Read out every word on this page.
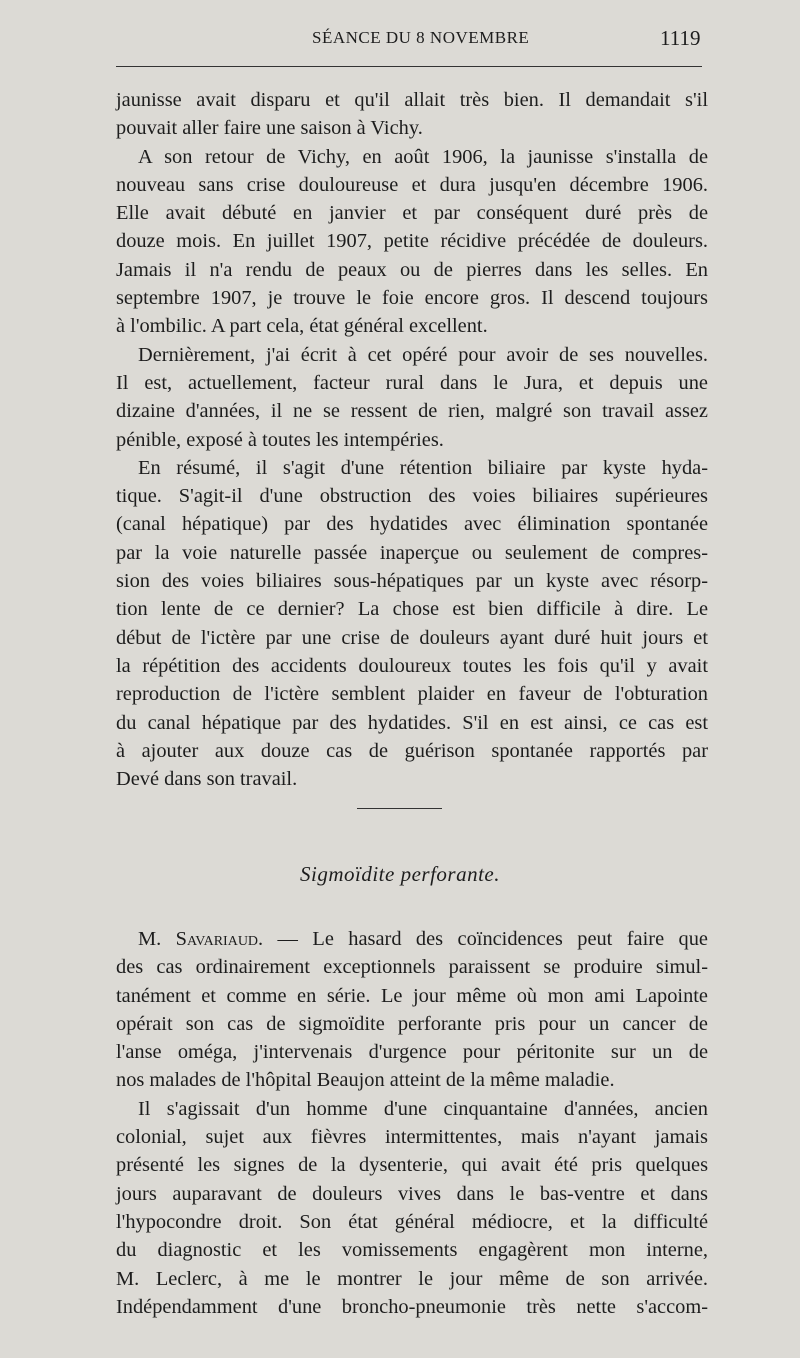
SÉANCE DU 8 NOVEMBRE	1119
jaunisse avait disparu et qu'il allait très bien. Il demandait s'il
pouvait aller faire une saison à Vichy.
A son retour de Vichy, en août 1906, la jaunisse s'installa de
nouveau sans crise douloureuse et dura jusqu'en décembre 1906.
Elle avait débuté en janvier et par conséquent duré près de
douze mois. En juillet 1907, petite récidive précédée de douleurs.
Jamais il n'a rendu de peaux ou de pierres dans les selles. En
septembre 1907, je trouve le foie encore gros. Il descend toujours
à l'ombilic. A part cela, état général excellent.
Dernièrement, j'ai écrit à cet opéré pour avoir de ses nouvelles.
Il est, actuellement, facteur rural dans le Jura, et depuis une
dizaine d'années, il ne se ressent de rien, malgré son travail assez
pénible, exposé à toutes les intempéries.
En résumé, il s'agit d'une rétention biliaire par kyste hyda-
tique. S'agit-il d'une obstruction des voies biliaires supérieures
(canal hépatique) par des hydatides avec élimination spontanée
par la voie naturelle passée inaperçue ou seulement de compres-
sion des voies biliaires sous-hépatiques par un kyste avec résorp-
tion lente de ce dernier? La chose est bien difficile à dire. Le
début de l'ictère par une crise de douleurs ayant duré huit jours et
la répétition des accidents douloureux toutes les fois qu'il y avait
reproduction de l'ictère semblent plaider en faveur de l'obturation
du canal hépatique par des hydatides. S'il en est ainsi, ce cas est
à ajouter aux douze cas de guérison spontanée rapportés par
Devé dans son travail.
Sigmoïdite perforante.
M. Savariaud. — Le hasard des coïncidences peut faire que
des cas ordinairement exceptionnels paraissent se produire simul-
tanément et comme en série. Le jour même où mon ami Lapointe
opérait son cas de sigmoïdite perforante pris pour un cancer de
l'anse oméga, j'intervenais d'urgence pour péritonite sur un de
nos malades de l'hôpital Beaujon atteint de la même maladie.
Il s'agissait d'un homme d'une cinquantaine d'années, ancien
colonial, sujet aux fièvres intermittentes, mais n'ayant jamais
présenté les signes de la dysenterie, qui avait été pris quelques
jours auparavant de douleurs vives dans le bas-ventre et dans
l'hypocondre droit. Son état général médiocre, et la difficulté
du diagnostic et les vomissements engagèrent mon interne,
M. Leclerc, à me le montrer le jour même de son arrivée.
Indépendamment d'une broncho-pneumonie très nette s'accom-
